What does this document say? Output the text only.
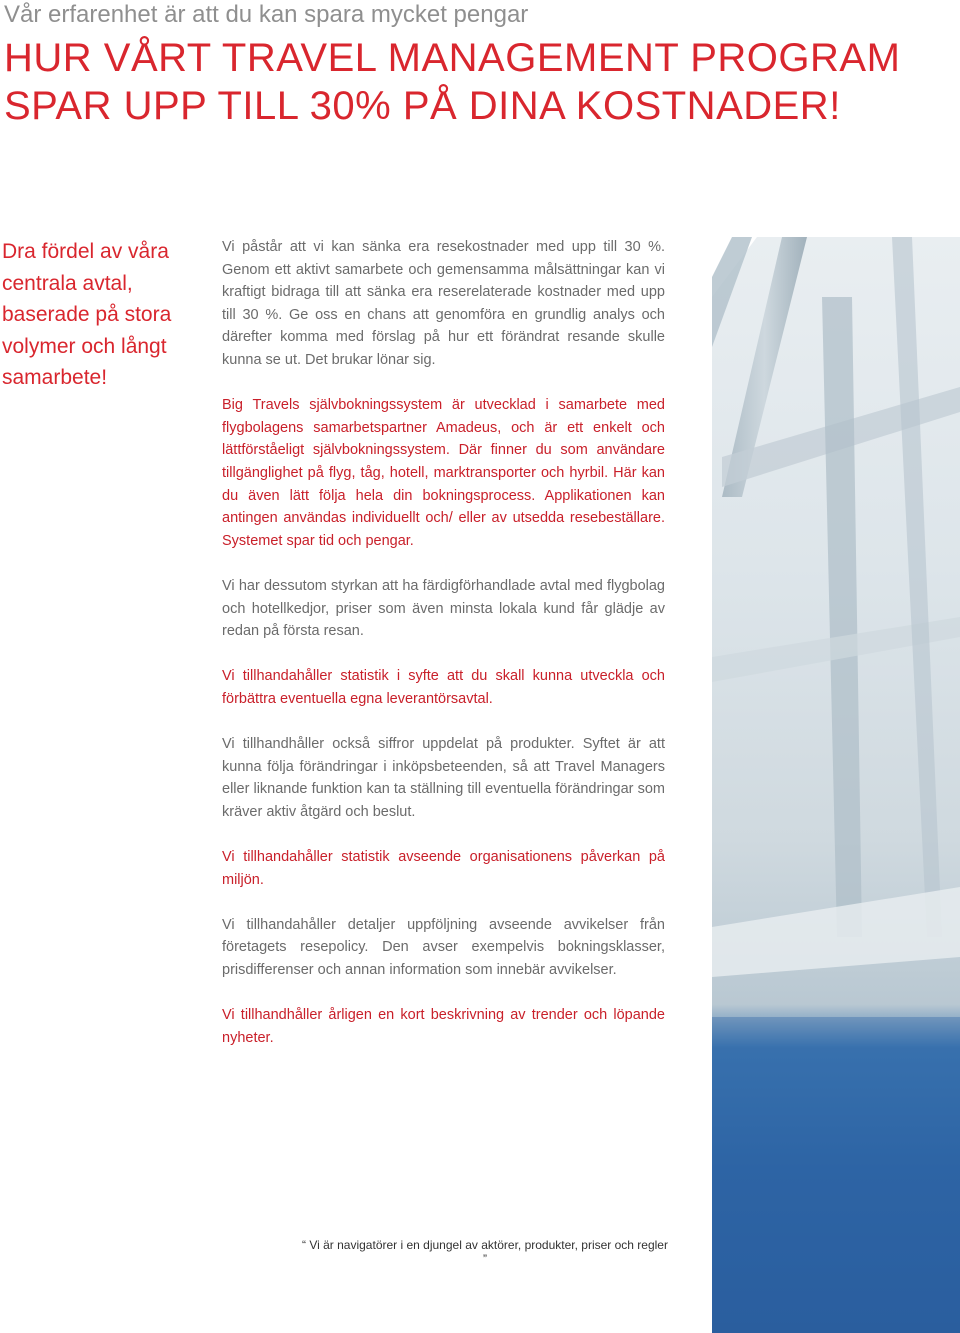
Vår erfarenhet är att du kan spara mycket pengar

HUR VÅRT TRAVEL MANAGEMENT PROGRAM
SPAR UPP TILL 30% PÅ DINA KOSTNADER!
Dra fördel av våra
centrala avtal,
baserade på stora
volymer och långt
samarbete!

Vi påstår att vi kan sänka era resekostnader med upp till 30 %. Genom ett aktivt samarbete och gemensamma målsättningar kan vi kraftigt bidraga till att sänka era reserelaterade kostnader med upp till 30 %. Ge oss en chans att genomföra en grundlig analys och därefter komma med förslag på hur ett förändrat resande skulle kunna se ut. Det brukar lönar sig.

Big Travels självbokningssystem är utvecklad i samarbete med flygbolagens samarbetspartner Amadeus, och är ett enkelt och lättförståeligt självbokningssystem. Där finner du som användare tillgänglighet på flyg, tåg, hotell, marktransporter och hyrbil. Här kan du även lätt följa hela din bokningsprocess. Applikationen kan antingen användas individuellt och/ eller av utsedda resebeställare. Systemet spar tid och pengar.

Vi har dessutom styrkan att ha färdigförhandlade avtal med flygbolag och hotellkedjor, priser som även minsta lokala kund får glädje av redan på första resan.

Vi tillhandahåller statistik i syfte att du skall kunna utveckla och förbättra eventuella egna leverantörsavtal.

Vi tillhandhåller också siffror uppdelat på produkter. Syftet är att kunna följa förändringar i inköpsbeteenden, så att Travel Managers eller liknande funktion kan ta ställning till eventuella förändringar som kräver aktiv åtgärd och beslut.

Vi tillhandahåller statistik avseende organisationens påverkan på miljön.

Vi tillhandahåller detaljer uppföljning avseende avvikelser från företagets resepolicy. Den avser exempelvis bokningsklasser, prisdifferenser och annan information som innebär avvikelser.

Vi tillhandhåller årligen en kort beskrivning av trender och löpande nyheter.

“ Vi är navigatörer i en djungel av aktörer, produkter, priser och regler ”
